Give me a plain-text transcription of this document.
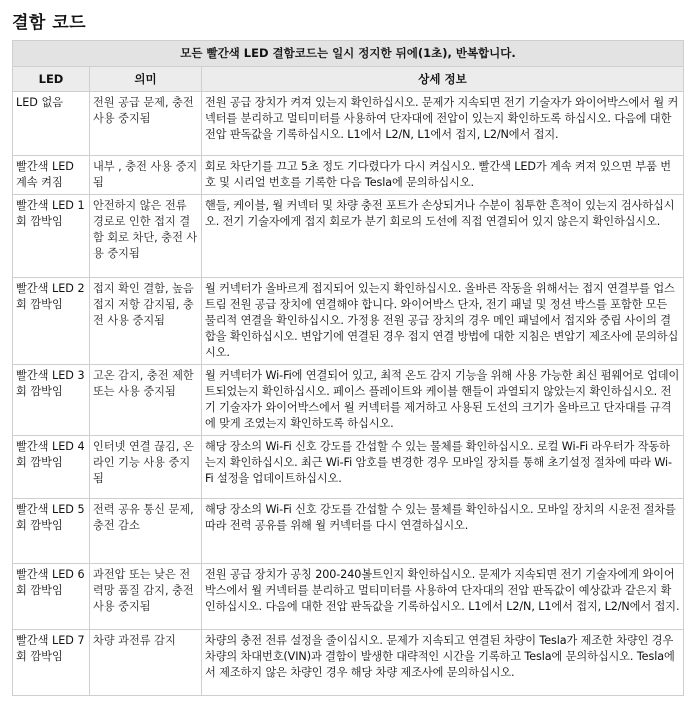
결함 코드
모든 빨간색 LED 결함코드는 일시 정지한 뒤에(1초), 반복합니다.		
LED	의미	상세 정보
LED 없음	전원 공급 문제, 충전 사용 중지됨	전원 공급 장치가 켜져 있는지 확인하십시오. 문제가 지속되면 전기 기술자가 와이어박스에서 월 커넥터를 분리하고 멀티미터를 사용하여 단자대에 전압이 있는지 확인하도록 하십시오. 다음에 대한 전압 판독값을 기록하십시오. L1에서 L2/N, L1에서 접지, L2/N에서 접지.
빨간색 LED 계속 켜짐	내부 , 충전 사용 중지됨	회로 차단기를 끄고 5초 정도 기다렸다가 다시 켜십시오. 빨간색 LED가 계속 켜져 있으면 부품 번호 및 시리얼 번호를 기록한 다음 Tesla에 문의하십시오.
빨간색 LED 1회 깜박임	안전하지 않은 전류 경로로 인한 접지 결함 회로 차단, 충전 사용 중지됨	핸들, 케이블, 월 커넥터 및 차량 충전 포트가 손상되거나 수분이 침투한 흔적이 있는지 검사하십시오. 전기 기술자에게 접지 회로가 분기 회로의 도선에 직접 연결되어 있지 않은지 확인하십시오.
빨간색 LED 2회 깜박임	접지 확인 결함, 높음 접지 저항 감지됨, 충전 사용 중지됨	월 커넥터가 올바르게 접지되어 있는지 확인하십시오. 올바른 작동을 위해서는 접지 연결부를 업스트림 전원 공급 장치에 연결해야 합니다. 와이어박스 단자, 전기 패널 및 정션 박스를 포함한 모든 물리적 연결을 확인하십시오. 가정용 전원 공급 장치의 경우 메인 패널에서 접지와 중립 사이의 결합을 확인하십시오. 변압기에 연결된 경우 접지 연결 방법에 대한 지침은 변압기 제조사에 문의하십시오.
빨간색 LED 3회 깜박임	고온 감지, 충전 제한 또는 사용 중지됨	월 커넥터가 Wi-Fi에 연결되어 있고, 최적 온도 감지 기능을 위해 사용 가능한 최신 펌웨어로 업데이트되었는지 확인하십시오. 페이스 플레이트와 케이블 핸들이 과열되지 않았는지 확인하십시오. 전기 기술자가 와이어박스에서 월 커넥터를 제거하고 사용된 도선의 크기가 올바르고 단자대를 규격에 맞게 조였는지 확인하도록 하십시오.
빨간색 LED 4회 깜박임	인터넷 연결 끊김, 온라인 기능 사용 중지됨	해당 장소의 Wi-Fi 신호 강도를 간섭할 수 있는 물체를 확인하십시오. 로컬 Wi-Fi 라우터가 작동하는지 확인하십시오. 최근 Wi-Fi 암호를 변경한 경우 모바일 장치를 통해 초기설정 절차에 따라 Wi-Fi 설정을 업데이트하십시오.
빨간색 LED 5회 깜박임	전력 공유 통신 문제, 충전 감소	해당 장소의 Wi-Fi 신호 강도를 간섭할 수 있는 물체를 확인하십시오. 모바일 장치의 시운전 절차를 따라 전력 공유를 위해 월 커넥터를 다시 연결하십시오.
빨간색 LED 6회 깜박임	과전압 또는 낮은 전력망 품질 감지, 충전 사용 중지됨	전원 공급 장치가 공칭 200-240볼트인지 확인하십시오. 문제가 지속되면 전기 기술자에게 와이어박스에서 월 커넥터를 분리하고 멀티미터를 사용하여 단자대의 전압 판독값이 예상값과 같은지 확인하십시오. 다음에 대한 전압 판독값을 기록하십시오. L1에서 L2/N, L1에서 접지, L2/N에서 접지.
빨간색 LED 7회 깜박임	차량 과전류 감지	차량의 충전 전류 설정을 줄이십시오. 문제가 지속되고 연결된 차량이 Tesla가 제조한 차량인 경우 차량의 차대번호(VIN)과 결함이 발생한 대략적인 시간을 기록하고 Tesla에 문의하십시오. Tesla에서 제조하지 않은 차량인 경우 해당 차량 제조사에 문의하십시오.
